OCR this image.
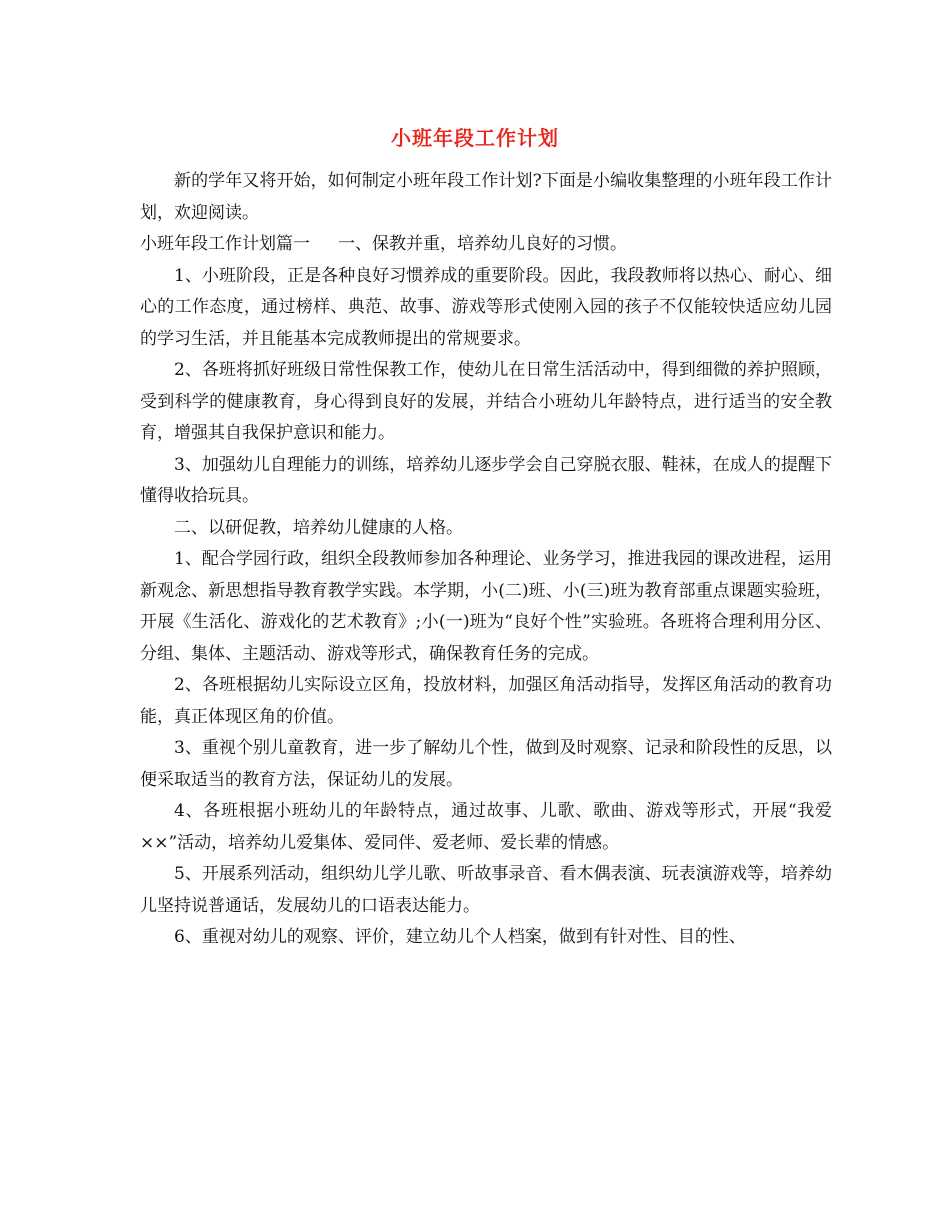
小班年段工作计划

新的学年又将开始，如何制定小班年段工作计划?下面是小编收集整理的小班年段工作计划，欢迎阅读。

小班年段工作计划篇一 一、保教并重，培养幼儿良好的习惯。

1、小班阶段，正是各种良好习惯养成的重要阶段。因此，我段教师将以热心、耐心、细心的工作态度，通过榜样、典范、故事、游戏等形式使刚入园的孩子不仅能较快适应幼儿园的学习生活，并且能基本完成教师提出的常规要求。

2、各班将抓好班级日常性保教工作，使幼儿在日常生活活动中，得到细微的养护照顾，受到科学的健康教育，身心得到良好的发展，并结合小班幼儿年龄特点，进行适当的安全教育，增强其自我保护意识和能力。

3、加强幼儿自理能力的训练，培养幼儿逐步学会自己穿脱衣服、鞋袜，在成人的提醒下懂得收拾玩具。

二、以研促教，培养幼儿健康的人格。

1、配合学园行政，组织全段教师参加各种理论、业务学习，推进我园的课改进程，运用新观念、新思想指导教育教学实践。本学期，小(二)班、小(三)班为教育部重点课题实验班，开展《生活化、游戏化的艺术教育》;小(一)班为“良好个性”实验班。各班将合理利用分区、分组、集体、主题活动、游戏等形式，确保教育任务的完成。

2、各班根据幼儿实际设立区角，投放材料，加强区角活动指导，发挥区角活动的教育功能，真正体现区角的价值。

3、重视个别儿童教育，进一步了解幼儿个性，做到及时观察、记录和阶段性的反思，以便采取适当的教育方法，保证幼儿的发展。

4、各班根据小班幼儿的年龄特点，通过故事、儿歌、歌曲、游戏等形式，开展“我爱××”活动，培养幼儿爱集体、爱同伴、爱老师、爱长辈的情感。

5、开展系列活动，组织幼儿学儿歌、听故事录音、看木偶表演、玩表演游戏等，培养幼儿坚持说普通话，发展幼儿的口语表达能力。

6、重视对幼儿的观察、评价，建立幼儿个人档案，做到有针对性、目的性、
